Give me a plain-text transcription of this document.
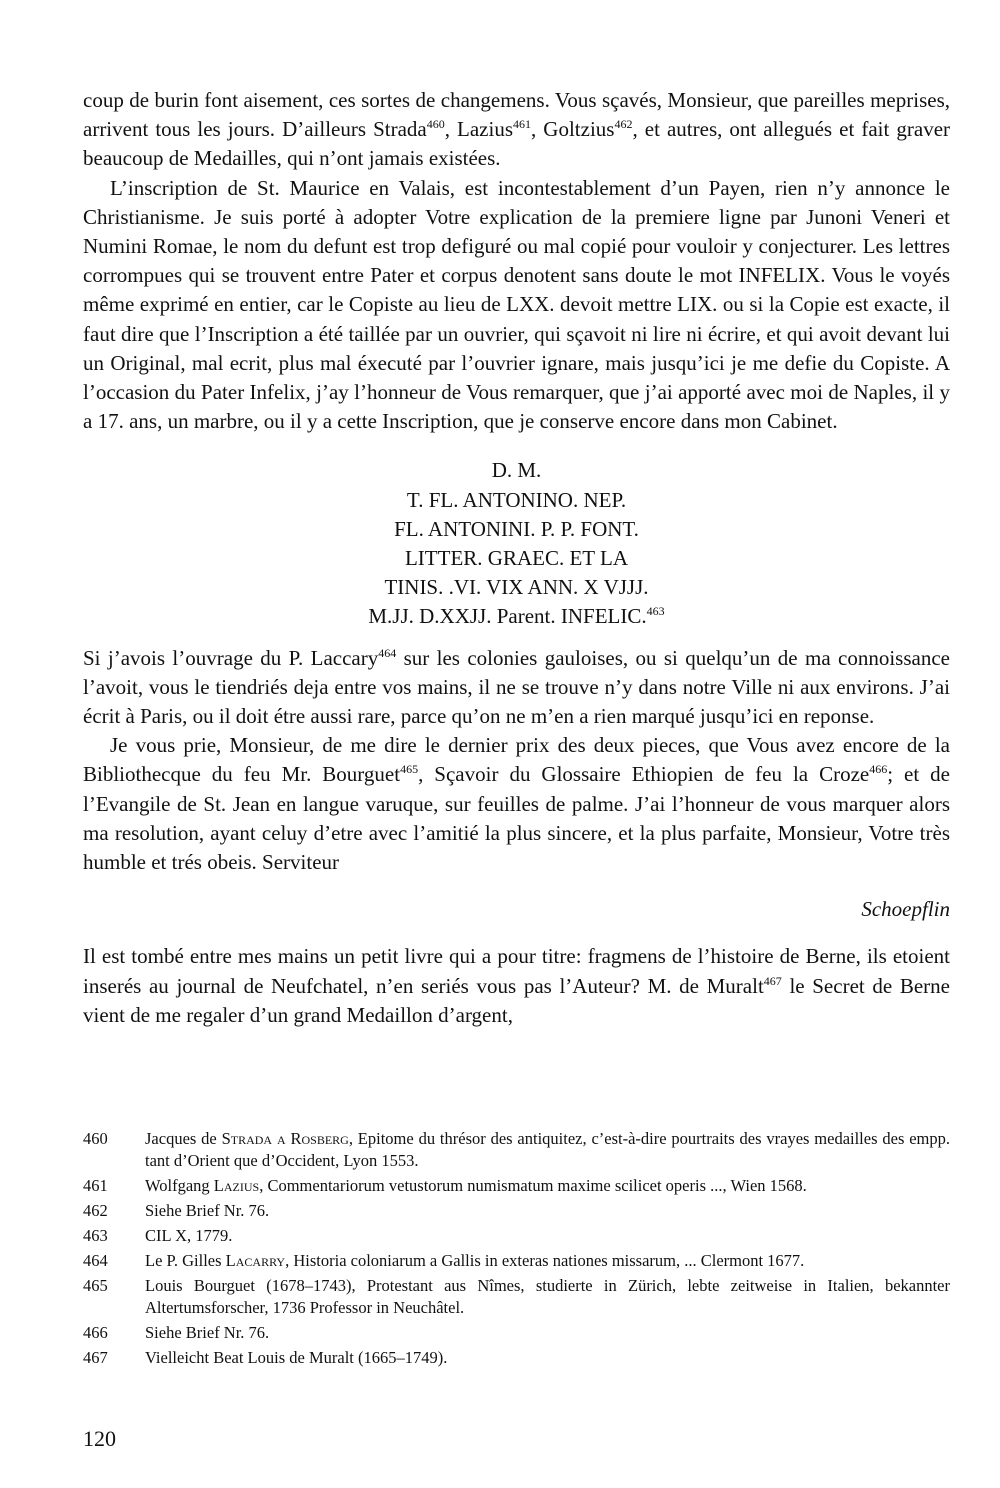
coup de burin font aisement, ces sortes de changemens. Vous sçavés, Monsieur, que pareilles meprises, arrivent tous les jours. D’ailleurs Strada$^{460}$, Lazius$^{461}$, Goltzius$^{462}$, et autres, ont allegués et fait graver beaucoup de Medailles, qui n’ont jamais existées.

L’inscription de St. Maurice en Valais, est incontestablement d’un Payen, rien n’y annonce le Christianisme. Je suis porté à adopter Votre explication de la premiere ligne par Junoni Veneri et Numini Romae, le nom du defunt est trop defiguré ou mal copié pour vouloir y conjecturer. Les lettres corrompues qui se trouvent entre Pater et corpus denotent sans doute le mot INFELIX. Vous le voyés même exprimé en entier, car le Copiste au lieu de LXX. devoit mettre LIX. ou si la Copie est exacte, il faut dire que l’Inscription a été taillée par un ouvrier, qui sçavoit ni lire ni écrire, et qui avoit devant lui un Original, mal ecrit, plus mal éxecuté par l’ouvrier ignare, mais jusqu’ici je me defie du Copiste. A l’occasion du Pater Infelix, j’ay l’honneur de Vous remarquer, que j’ai apporté avec moi de Naples, il y a 17. ans, un marbre, ou il y a cette Inscription, que je conserve encore dans mon Cabinet.

D. M.
T. FL. ANTONINO. NEP.
FL. ANTONINI. P. P. FONT.
LITTER. GRAEC. ET LA
TINIS. .VI. VIX ANN. X VJJJ.
M.JJ. D.XXJJ. Parent. INFELIC.$^{463}$

Si j’avois l’ouvrage du P. Laccary$^{464}$ sur les colonies gauloises, ou si quelqu’un de ma connoissance l’avoit, vous le tiendriés deja entre vos mains, il ne se trouve n’y dans notre Ville ni aux environs. J’ai écrit à Paris, ou il doit étre aussi rare, parce qu’on ne m’en a rien marqué jusqu’ici en reponse.

Je vous prie, Monsieur, de me dire le dernier prix des deux pieces, que Vous avez encore de la Bibliothecque du feu Mr. Bourguet$^{465}$, Sçavoir du Glossaire Ethiopien de feu la Croze$^{466}$; et de l’Evangile de St. Jean en langue varuque, sur feuilles de palme. J’ai l’honneur de vous marquer alors ma resolution, ayant celuy d’etre avec l’amitié la plus sincere, et la plus parfaite, Monsieur, Votre très humble et trés obeis. Serviteur

Schoepflin

Il est tombé entre mes mains un petit livre qui a pour titre: fragmens de l’histoire de Berne, ils etoient inserés au journal de Neufchatel, n’en seriés vous pas l’Auteur? M. de Muralt$^{467}$ le Secret de Berne vient de me regaler d’un grand Medaillon d’argent,

460	Jacques de Strada a Rosberg, Epitome du thrésor des antiquitez, c’est-à-dire pourtraits des vrayes medailles des empp. tant d’Orient que d’Occident, Lyon 1553.
461	Wolfgang Lazius, Commentariorum vetustorum numismatum maxime scilicet operis ..., Wien 1568.
462	Siehe Brief Nr. 76.
463	CIL X, 1779.
464	Le P. Gilles Lacarry, Historia coloniarum a Gallis in exteras nationes missarum, ... Clermont 1677.
465	Louis Bourguet (1678–1743), Protestant aus Nîmes, studierte in Zürich, lebte zeitweise in Italien, bekannter Altertumsforscher, 1736 Professor in Neuchâtel.
466	Siehe Brief Nr. 76.
467	Vielleicht Beat Louis de Muralt (1665–1749).
120
